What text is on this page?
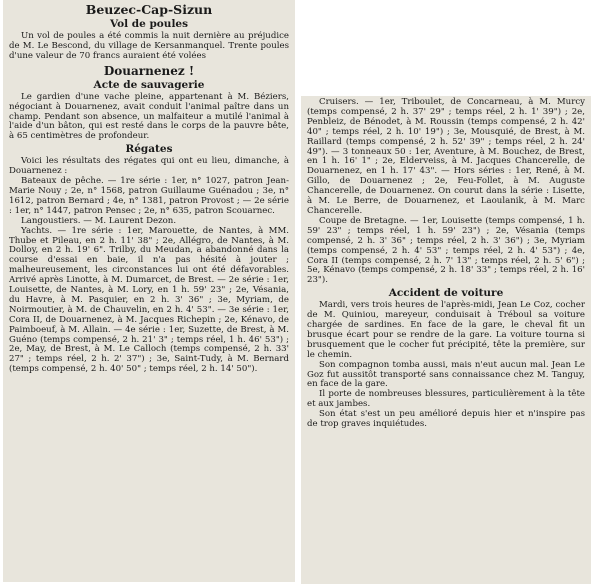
Beuzec-Cap-Sizun
Vol de poules

Un vol de poules a été commis la nuit dernière au préjudice de M. Le Bescond, du village de Kersanmanquel. Trente poules d'une valeur de 70 francs auraient été volées

Douarnenez !
Acte de sauvagerie

Le gardien d'une vache pleine, appartenant à M. Béziers, négociant à Douarnenez, avait conduit l'animal paître dans un champ. Pendant son absence, un malfaiteur a mutilé l'animal à l'aide d'un bâton, qui est resté dans le corps de la pauvre bête, à 65 centimètres de profondeur.

Régates

Voici les résultats des régates qui ont eu lieu, dimanche, à Douarnenez :

Bateaux de pêche. — 1re série : 1er, n° 1027, patron Jean-Marie Nouy ; 2e, n° 1568, patron Guillaume Guénadou ; 3e, n° 1612, patron Bernard ; 4e, n° 1381, patron Provost ; — 2e série : 1er, n° 1447, patron Pensec ; 2e, n° 635, patron Scouarnec.

Langoustiers. — M. Laurent Dezon.

Yachts. — 1re série : 1er, Marouette, de Nantes, à MM. Thube et Pileau, en 2 h. 11' 38" ; 2e, Allégro, de Nantes, à M. Dolloy, en 2 h. 19' 6". Trilby, du Meudan, a abandonné dans la course d'essai en baie, il n'a pas hésité à jouter ; malheureusement, les circonstances lui ont été défavorables. Arrivé après Linotte, à M. Dumarcet, de Brest. — 2e série : 1er, Louisette, de Nantes, à M. Lory, en 1 h. 59' 23" ; 2e, Vésania, du Havre, à M. Pasquier, en 2 h. 3' 36" ; 3e, Myriam, de Noirmoutier, à M. de Chauvelin, en 2 h. 4' 53". — 3e série : 1er, Cora II, de Douarnenez, à M. Jacques Richepin ; 2e, Kénavo, de Paimboeuf, à M. Allain. — 4e série : 1er, Suzette, de Brest, à M. Guéno (temps compensé, 2 h. 21' 3" ; temps réel, 1 h. 46' 53") ; 2e, May, de Brest, à M. Le Calloch (temps compensé, 2 h. 33' 27" ; temps réel, 2 h. 2' 37") ; 3e, Saint-Tudy, à M. Bernard (temps compensé, 2 h. 40' 50" ; temps réel, 2 h. 14' 50").

Cruisers. — 1er, Triboulet, de Concarneau, à M. Murcy (temps compensé, 2 h. 37' 29" ; temps réel, 2 h. 1' 39") ; 2e, Penbleiz, de Bénodet, à M. Roussin (temps compensé, 2 h. 42' 40" ; temps réel, 2 h. 10' 19") ; 3e, Mousquié, de Brest, à M. Raillard (temps compensé, 2 h. 52' 39" ; temps réel, 2 h. 24' 49"). — 3 tonneaux 50 : 1er, Aventure, à M. Bouchez, de Brest, en 1 h. 16' 1" ; 2e, Elderveiss, à M. Jacques Chancerelle, de Douarnenez, en 1 h. 17' 43". — Hors séries : 1er, René, à M. Gillo, de Douarnenez ; 2e, Feu-Follet, à M. Auguste Chancerelle, de Douarnenez. On courut dans la série : Lisette, à M. Le Berre, de Douarnenez, et Laoulanik, à M. Marc Chancerelle.

Coupe de Bretagne. — 1er, Louisette (temps compensé, 1 h. 59' 23" ; temps réel, 1 h. 59' 23") ; 2e, Vésania (temps compensé, 2 h. 3' 36" ; temps réel, 2 h. 3' 36") ; 3e, Myriam (temps compensé, 2 h. 4' 53" ; temps réel, 2 h. 4' 53") ; 4e, Cora II (temps compensé, 2 h. 7' 13" ; temps réel, 2 h. 5' 6") ; 5e, Kénavo (temps compensé, 2 h. 18' 33" ; temps réel, 2 h. 16' 23").

Accident de voiture

Mardi, vers trois heures de l'après-midi, Jean Le Coz, cocher de M. Quiniou, mareyeur, conduisait à Tréboul sa voiture chargée de sardines. En face de la gare, le cheval fit un brusque écart pour se rendre de la gare. La voiture tourna si brusquement que le cocher fut précipité, tête la première, sur le chemin.

Son compagnon tomba aussi, mais n'eut aucun mal. Jean Le Goz fut aussitôt transporté sans connaissance chez M. Tanguy, en face de la gare.

Il porte de nombreuses blessures, particulièrement à la tête et aux jambes.

Son état s'est un peu amélioré depuis hier et n'inspire pas de trop graves inquiétudes.
